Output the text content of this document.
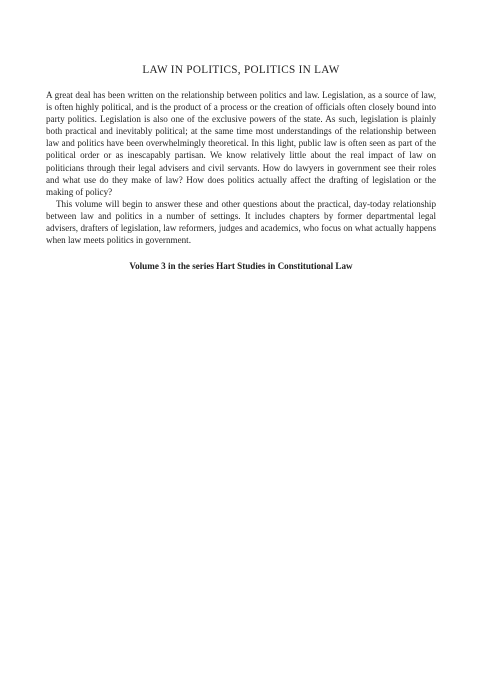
LAW IN POLITICS, POLITICS IN LAW

A great deal has been written on the relationship between politics and law. Legislation, as a source of law, is often highly political, and is the product of a process or the creation of officials often closely bound into party politics. Legislation is also one of the exclusive powers of the state. As such, legislation is plainly both practical and inevitably political; at the same time most understandings of the relationship between law and politics have been overwhelmingly theoretical. In this light, public law is often seen as part of the political order or as inescapably partisan. We know relatively little about the real impact of law on politicians through their legal advisers and civil servants. How do lawyers in government see their roles and what use do they make of law? How does politics actually affect the drafting of legislation or the making of policy?

This volume will begin to answer these and other questions about the practical, day-today relationship between law and politics in a number of settings. It includes chapters by former departmental legal advisers, drafters of legislation, law reformers, judges and academics, who focus on what actually happens when law meets politics in government.

Volume 3 in the series Hart Studies in Constitutional Law
